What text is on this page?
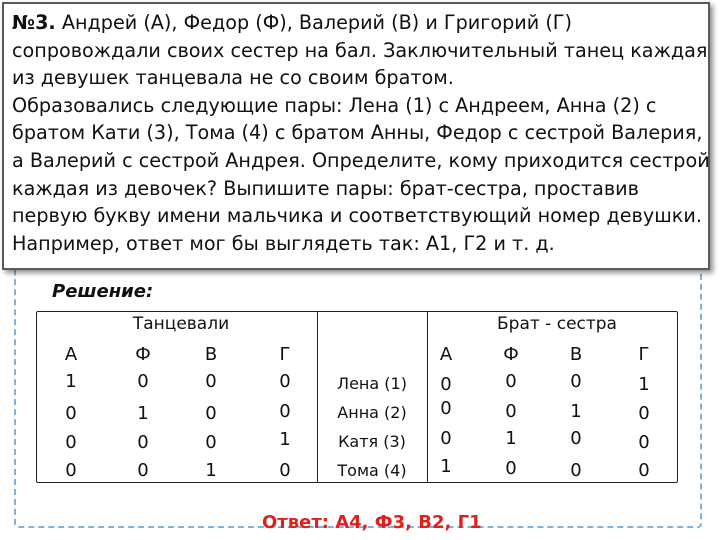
№3. Андрей (А), Федор (Ф), Валерий (В) и Григорий (Г)
сопровождали своих сестер на бал. Заключительный танец каждая
из девушек танцевала не со своим братом.
Образовались следующие пары: Лена (1) с Андреем, Анна (2) с
братом Кати (3), Тома (4) с братом Анны, Федор с сестрой Валерия,
а Валерий с сестрой Андрея. Определите, кому приходится сестрой
каждая из девочек? Выпишите пары: брат-сестра, проставив
первую букву имени мальчика и соответствующий номер девушки.
Например, ответ мог бы выглядеть так: А1, Г2 и т. д.
Решение:
Танцевали	Брат - сестра
А	Ф	В	Г	А	Ф	В	Г
1	0	0	0	Лена (1)	0	0	0	1
0	1	0	0	Анна (2)	0	0	1	0
0	0	0	1	Катя (3)	0	1	0	0
0	0	1	0	Тома (4)	1	0	0	0
Ответ: А4, Ф3, В2, Г1
